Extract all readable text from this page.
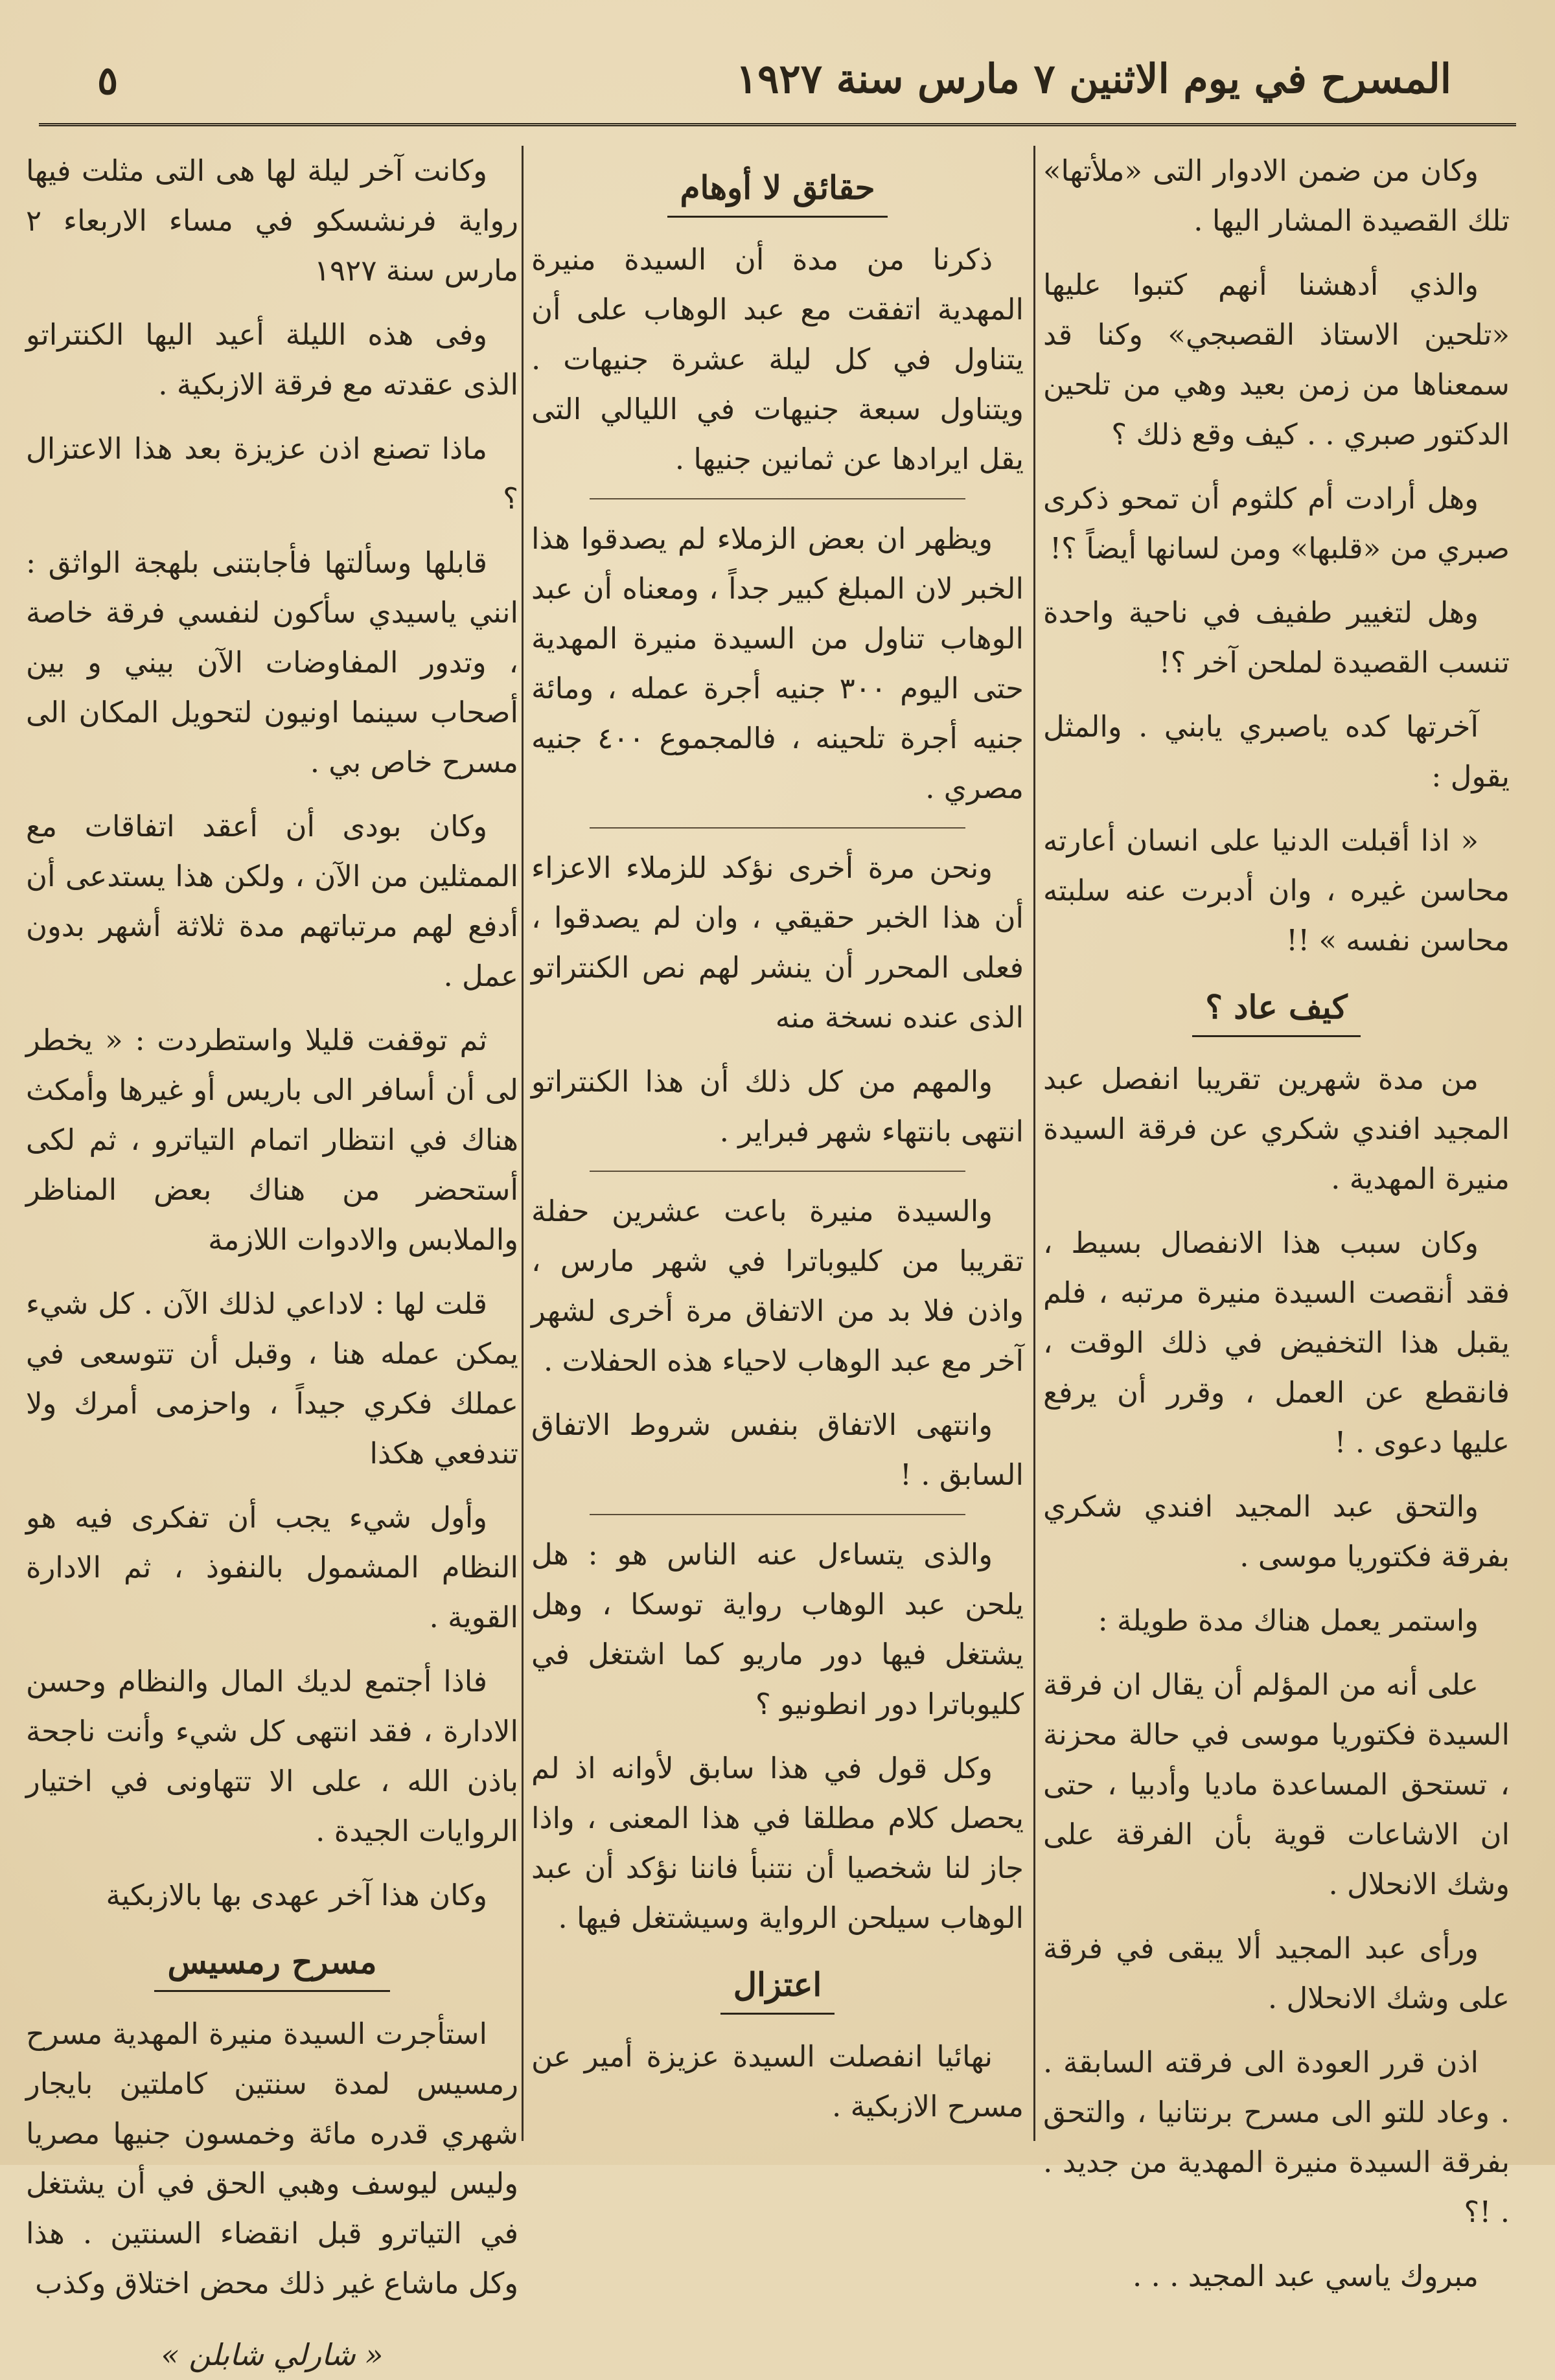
٥	المسرح في يوم الاثنين ٧ مارس سنة ١٩٢٧

وكان من ضمن الادوار التى «ملأتها» تلك القصيدة المشار اليها .

والذي أدهشنا أنهم كتبوا عليها «تلحين الاستاذ القصبجي» وكنا قد سمعناها من زمن بعيد وهي من تلحين الدكتور صبري . . كيف وقع ذلك ؟

وهل أرادت أم كلثوم أن تمحو ذكرى صبري من «قلبها» ومن لسانها أيضاً ؟!

وهل لتغيير طفيف في ناحية واحدة تنسب القصيدة لملحن آخر ؟!

آخرتها كده ياصبري يابني . والمثل يقول :

« اذا أقبلت الدنيا على انسان أعارته محاسن غيره ، وان أدبرت عنه سلبته محاسن نفسه » !!

كيف عاد ؟

من مدة شهرين تقريبا انفصل عبد المجيد افندي شكري عن فرقة السيدة منيرة المهدية .

وكان سبب هذا الانفصال بسيط ، فقد أنقصت السيدة منيرة مرتبه ، فلم يقبل هذا التخفيض في ذلك الوقت ، فانقطع عن العمل ، وقرر أن يرفع عليها دعوى . !

والتحق عبد المجيد افندي شكري بفرقة فكتوريا موسى .

واستمر يعمل هناك مدة طويلة :

على أنه من المؤلم أن يقال ان فرقة السيدة فكتوريا موسى في حالة محزنة ، تستحق المساعدة ماديا وأدبيا ، حتى ان الاشاعات قوية بأن الفرقة على وشك الانحلال .

ورأى عبد المجيد ألا يبقى في فرقة على وشك الانحلال .

اذن قرر العودة الى فرقته السابقة . . وعاد للتو الى مسرح برنتانيا ، والتحق بفرقة السيدة منيرة المهدية من جديد . . !؟

مبروك ياسي عبد المجيد . . .

حقائق لا أوهام

ذكرنا من مدة أن السيدة منيرة المهدية اتفقت مع عبد الوهاب على أن يتناول في كل ليلة عشرة جنيهات . ويتناول سبعة جنيهات في الليالي التى يقل ايرادها عن ثمانين جنيها .

ويظهر ان بعض الزملاء لم يصدقوا هذا الخبر لان المبلغ كبير جداً ، ومعناه أن عبد الوهاب تناول من السيدة منيرة المهدية حتى اليوم ٣٠٠ جنيه أجرة عمله ، ومائة جنيه أجرة تلحينه ، فالمجموع ٤٠٠ جنيه مصري .

ونحن مرة أخرى نؤكد للزملاء الاعزاء أن هذا الخبر حقيقي ، وان لم يصدقوا ، فعلى المحرر أن ينشر لهم نص الكنتراتو الذى عنده نسخة منه

والمهم من كل ذلك أن هذا الكنتراتو انتهى بانتهاء شهر فبراير .

والسيدة منيرة باعت عشرين حفلة تقريبا من كليوباترا في شهر مارس ، واذن فلا بد من الاتفاق مرة أخرى لشهر آخر مع عبد الوهاب لاحياء هذه الحفلات .

وانتهى الاتفاق بنفس شروط الاتفاق السابق . !

والذى يتساءل عنه الناس هو : هل يلحن عبد الوهاب رواية توسكا ، وهل يشتغل فيها دور ماريو كما اشتغل في كليوباترا دور انطونيو ؟

وكل قول في هذا سابق لأوانه اذ لم يحصل كلام مطلقا في هذا المعنى ، واذا جاز لنا شخصيا أن نتنبأ فاننا نؤكد أن عبد الوهاب سيلحن الرواية وسيشتغل فيها .

اعتزال

نهائيا انفصلت السيدة عزيزة أمير عن مسرح الازبكية .

وكانت آخر ليلة لها هى التى مثلت فيها رواية فرنشسكو في مساء الاربعاء ٢ مارس سنة ١٩٢٧

وفى هذه الليلة أعيد اليها الكنتراتو الذى عقدته مع فرقة الازبكية .

ماذا تصنع اذن عزيزة بعد هذا الاعتزال ؟

قابلها وسألتها فأجابتنى بلهجة الواثق : انني ياسيدي سأكون لنفسي فرقة خاصة ، وتدور المفاوضات الآن بيني و بين أصحاب سينما اونيون لتحويل المكان الى مسرح خاص بي .

وكان بودى أن أعقد اتفاقات مع الممثلين من الآن ، ولكن هذا يستدعى أن أدفع لهم مرتباتهم مدة ثلاثة أشهر بدون عمل .

ثم توقفت قليلا واستطردت : « يخطر لى أن أسافر الى باريس أو غيرها وأمكث هناك في انتظار اتمام التياترو ، ثم لكى أستحضر من هناك بعض المناظر والملابس والادوات اللازمة

قلت لها : لاداعي لذلك الآن . كل شيء يمكن عمله هنا ، وقبل أن تتوسعى في عملك فكري جيداً ، واحزمى أمرك ولا تندفعي هكذا

وأول شيء يجب أن تفكرى فيه هو النظام المشمول بالنفوذ ، ثم الادارة القوية .

فاذا أجتمع لديك المال والنظام وحسن الادارة ، فقد انتهى كل شيء وأنت ناجحة باذن الله ، على الا تتهاونى في اختيار الروايات الجيدة .

وكان هذا آخر عهدى بها بالازبكية

مسرح رمسيس

استأجرت السيدة منيرة المهدية مسرح رمسيس لمدة سنتين كاملتين بايجار شهري قدره مائة وخمسون جنيها مصريا وليس ليوسف وهبي الحق في أن يشتغل في التياترو قبل انقضاء السنتين . هذا وكل ماشاع غير ذلك محض اختلاق وكذب

« شارلي شابلن »
